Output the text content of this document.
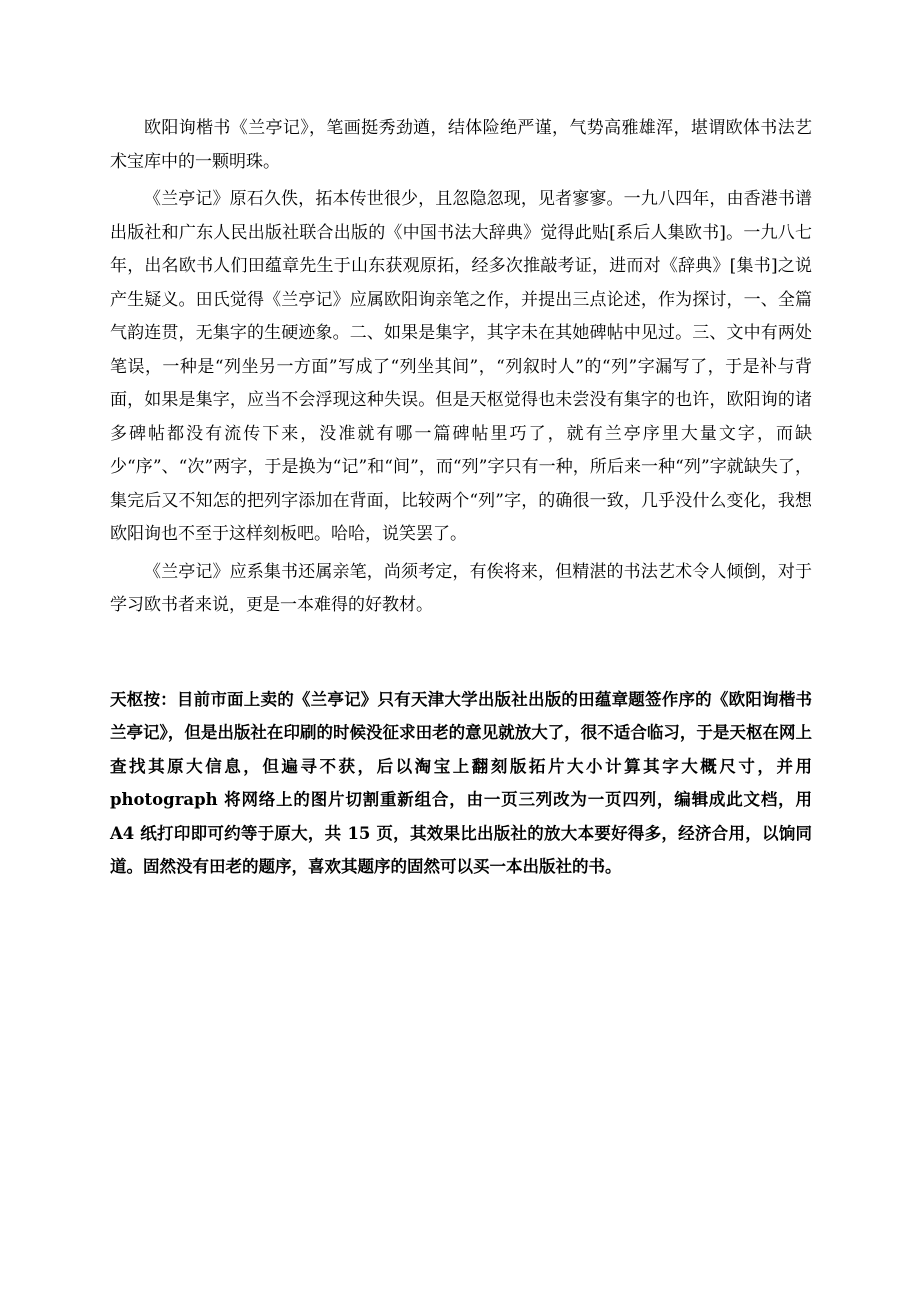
欧阳询楷书《兰亭记》，笔画挺秀劲遒，结体险绝严谨，气势高雅雄浑，堪谓欧体书法艺术宝库中的一颗明珠。

《兰亭记》原石久佚，拓本传世很少，且忽隐忽现，见者寥寥。一九八四年，由香港书谱出版社和广东人民出版社联合出版的《中国书法大辞典》觉得此贴[系后人集欧书]。一九八七年，出名欧书人们田蕴章先生于山东获观原拓，经多次推敲考证，进而对《辞典》[集书]之说产生疑义。田氏觉得《兰亭记》应属欧阳询亲笔之作，并提出三点论述，作为探讨，一、全篇气韵连贯，无集字的生硬迹象。二、如果是集字，其字未在其她碑帖中见过。三、文中有两处笔误，一种是“列坐另一方面”写成了“列坐其间”，“列叙时人”的“列”字漏写了，于是补与背面，如果是集字，应当不会浮现这种失误。但是天枢觉得也未尝没有集字的也许，欧阳询的诸多碑帖都没有流传下来，没准就有哪一篇碑帖里巧了，就有兰亭序里大量文字，而缺少“序”、“次”两字，于是换为“记”和“间”，而“列”字只有一种，所后来一种“列”字就缺失了，集完后又不知怎的把列字添加在背面，比较两个“列”字，的确很一致，几乎没什么变化，我想欧阳询也不至于这样刻板吧。哈哈，说笑罢了。

《兰亭记》应系集书还属亲笔，尚须考定，有俟将来，但精湛的书法艺术令人倾倒，对于学习欧书者来说，更是一本难得的好教材。

天枢按：目前市面上卖的《兰亭记》只有天津大学出版社出版的田蕴章题签作序的《欧阳询楷书兰亭记》，但是出版社在印刷的时候没征求田老的意见就放大了，很不适合临习，于是天枢在网上查找其原大信息，但遍寻不获，后以淘宝上翻刻版拓片大小计算其字大概尺寸，并用 photograph 将网络上的图片切割重新组合，由一页三列改为一页四列，编辑成此文档，用 A4 纸打印即可约等于原大，共 15 页，其效果比出版社的放大本要好得多，经济合用，以饷同道。固然没有田老的题序，喜欢其题序的固然可以买一本出版社的书。
